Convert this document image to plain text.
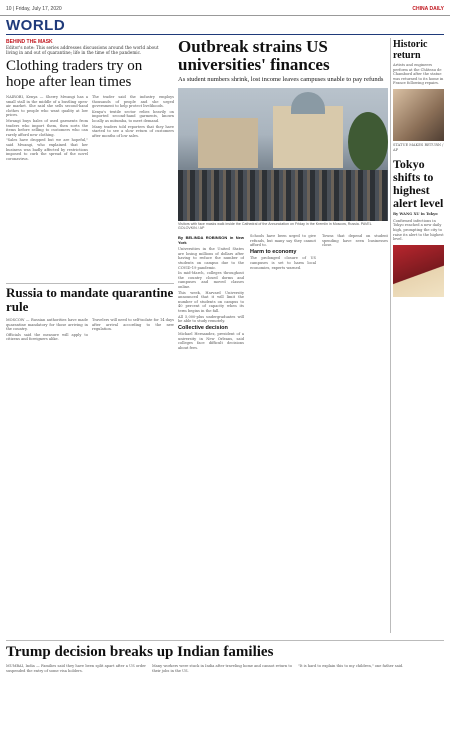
10 | Friday, July 17, 2020	CHINA DAILY
WORLD
BEHIND THE MASK
Editor's note: This series addresses discussions around the world about living in and out of quarantine; life in the time of the pandemic.
Clothing traders try on hope after lean times

NAIROBI, Kenya — Sherry Mwangi has a small stall in the middle of a bustling open-air market. She said she sells second-hand clothes to people who want quality at low prices.

Mwangi buys bales of used garments from traders who import them, then sorts the items before selling to customers who can rarely afford new clothing.

"Sales have dropped but we are hopeful," said Mwangi, who explained that her business was badly affected by restrictions imposed to curb the spread of the novel coronavirus.

The trader said the industry employs thousands of people and she urged government to help protect livelihoods.

Kenya's textile sector relies heavily on imported second-hand garments, known locally as mitumba, to meet demand.

Many traders told reporters that they have started to see a slow return of customers after months of low sales.

Russia to mandate quarantine rule

MOSCOW — Russian authorities have made quarantine mandatory for those arriving in the country.

Officials said the measure will apply to citizens and foreigners alike.

Travelers will need to self-isolate for 14 days after arrival according to the new regulation.

Outbreak strains US universities' finances
As student numbers shrink, lost income leaves campuses unable to pay refunds
Visitors with face masks walk inside the Cathedral of the Annunciation on Friday in the Kremlin in Moscow, Russia. PAVEL GOLOVKIN / AP
By BELINDA ROBINSON in New York

Universities in the United States are losing millions of dollars after having to reduce the number of students on campus due to the COVID-19 pandemic.

In mid-March, colleges throughout the country closed dorms and campuses and moved classes online.

This week, Harvard University announced that it will limit the number of students on campus to 40 percent of capacity when its term begins in the fall.

All 5,000-plus undergraduates will be able to study remotely.

Collective decision

Michael Hernandez, president of a university in New Orleans, said colleges face difficult decisions about fees.

Schools have been urged to give refunds, but many say they cannot afford to.

Harm to economy

The prolonged closure of US campuses is set to harm local economies, experts warned.

Towns that depend on student spending have seen businesses close.

Historic return
Artists and engineers perform at the Château de Chambord after the statue was returned to its home in France following repairs.
STATUE MAKES RETURN / AP
Tokyo shifts to highest alert level
By WANG XU in Tokyo
Confirmed infections in Tokyo reached a new daily high, prompting the city to raise its alert to the highest level.
Trump decision breaks up Indian families

MUMBAI, India — Families said they have been split apart after a US order suspended the entry of some visa holders.

Many workers were stuck in India after traveling home and cannot return to their jobs in the US.

"It is hard to explain this to my children," one father said.
